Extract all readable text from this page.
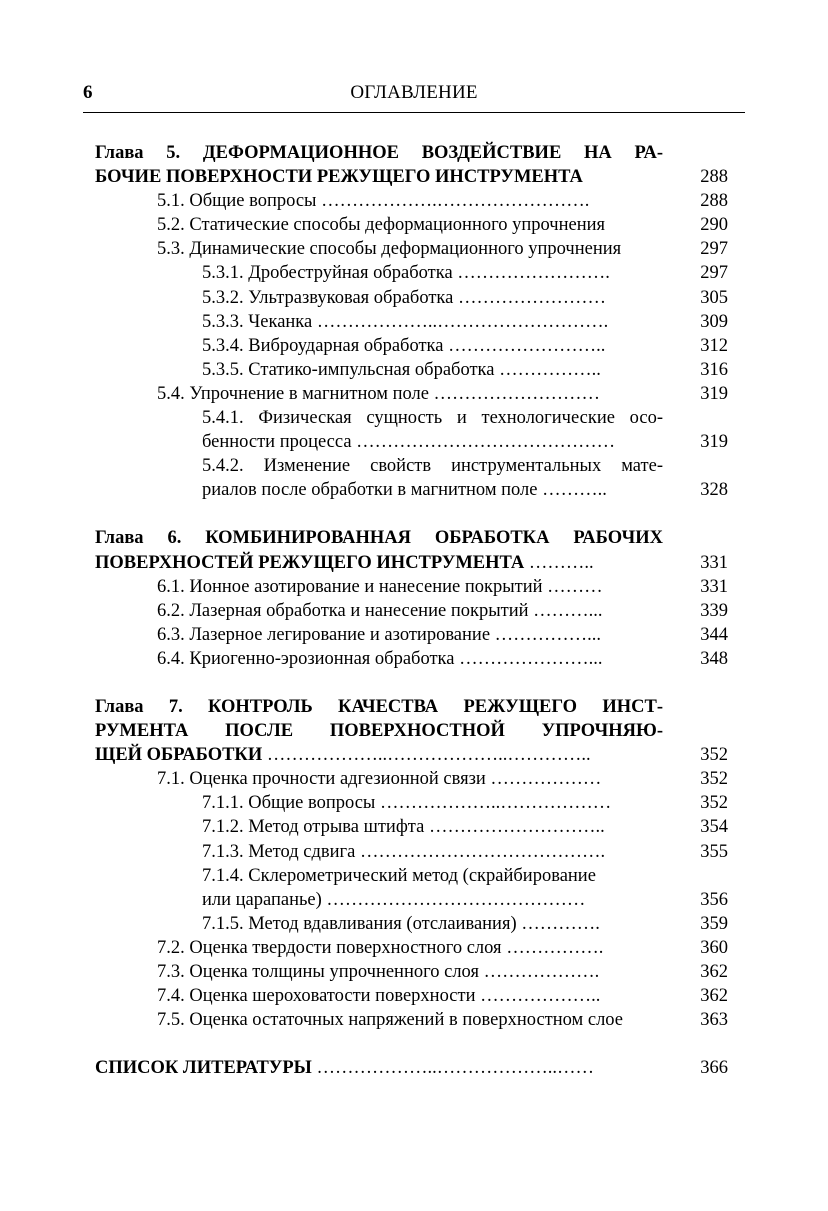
6	ОГЛАВЛЕНИЕ
Глава 5. ДЕФОРМАЦИОННОЕ ВОЗДЕЙСТВИЕ НА РА-
БОЧИЕ ПОВЕРХНОСТИ РЕЖУЩЕГО ИНСТРУМЕНТА	288
5.1. Общие вопросы ……………….…………………….	288
5.2. Статические способы деформационного упрочнения	290
5.3. Динамические способы деформационного упрочнения	297
5.3.1. Дробеструйная обработка …………………….	297
5.3.2. Ультразвуковая обработка ……………………	305
5.3.3. Чеканка ………………..……………………….	309
5.3.4. Виброударная обработка ……………………..	312
5.3.5. Статико-импульсная обработка ……………..	316
5.4. Упрочнение в магнитном поле ………………………	319
5.4.1. Физическая сущность и технологические осо-
бенности процесса ……………………………………	319
5.4.2. Изменение свойств инструментальных мате-
риалов после обработки в магнитном поле ………..	328
Глава 6. КОМБИНИРОВАННАЯ ОБРАБОТКА РАБОЧИХ
ПОВЕРХНОСТЕЙ РЕЖУЩЕГО ИНСТРУМЕНТА ………..	331
6.1. Ионное азотирование и нанесение покрытий ………	331
6.2. Лазерная обработка и нанесение покрытий ………...	339
6.3. Лазерное легирование и азотирование ……………...	344
6.4. Криогенно-эрозионная обработка …………………...	348
Глава 7. КОНТРОЛЬ КАЧЕСТВА РЕЖУЩЕГО ИНСТ-
РУМЕНТА ПОСЛЕ ПОВЕРХНОСТНОЙ УПРОЧНЯЮ-
ЩЕЙ ОБРАБОТКИ ………………..………………..…………..	352
7.1. Оценка прочности адгезионной связи ………………	352
7.1.1. Общие вопросы ………………..………………	352
7.1.2. Метод отрыва штифта ………………………..	354
7.1.3. Метод сдвига ………………………………….	355
7.1.4. Склерометрический метод (скрайбирование
или царапанье) ……………………………………	356
7.1.5. Метод вдавливания (отслаивания) ………….	359
7.2. Оценка твердости поверхностного слоя …………….	360
7.3. Оценка толщины упрочненного слоя ……………….	362
7.4. Оценка шероховатости поверхности ………………..	362
7.5. Оценка остаточных напряжений в поверхностном слое	363
СПИСОК ЛИТЕРАТУРЫ ………………..………………..……	366
